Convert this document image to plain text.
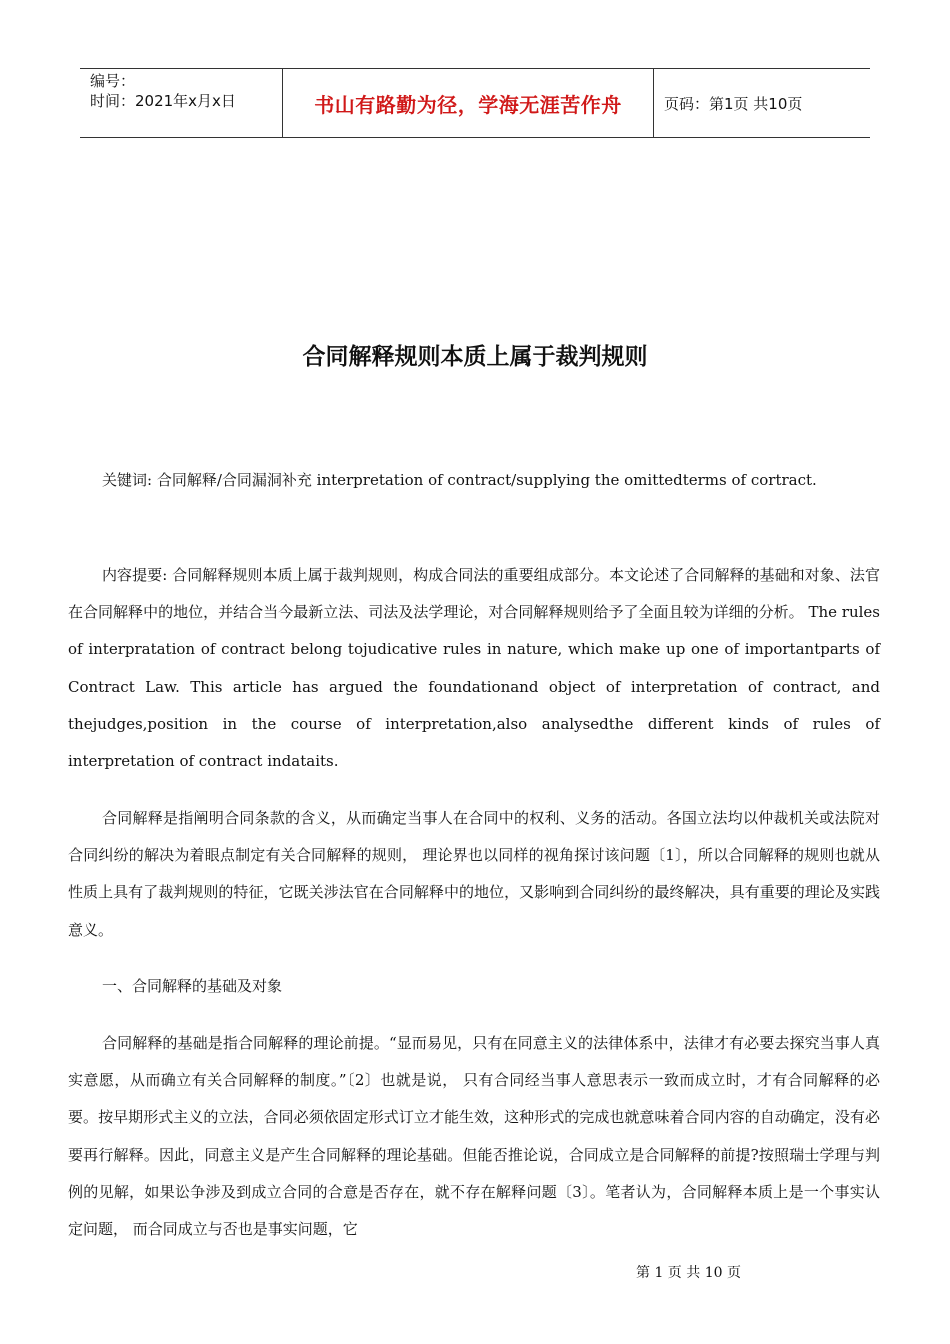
编号：
时间：2021年x月x日	书山有路勤为径，学海无涯苦作舟	页码：第1页 共10页
合同解释规则本质上属于裁判规则

关键词: 合同解释/合同漏洞补充 interpretation of contract/supplying the omittedterms of cortract.

内容提要: 合同解释规则本质上属于裁判规则，构成合同法的重要组成部分。本文论述了合同解释的基础和对象、法官在合同解释中的地位，并结合当今最新立法、司法及法学理论，对合同解释规则给予了全面且较为详细的分析。 The rules of interpratation of contract belong tojudicative rules in nature, which make up one of importantparts of Contract Law. This article has argued the foundationand object of interpretation of contract, and thejudges,position in the course of interpretation,also analysedthe different kinds of rules of interpretation of contract indataits.

合同解释是指阐明合同条款的含义，从而确定当事人在合同中的权利、义务的活动。各国立法均以仲裁机关或法院对合同纠纷的解决为着眼点制定有关合同解释的规则， 理论界也以同样的视角探讨该问题〔1〕，所以合同解释的规则也就从性质上具有了裁判规则的特征，它既关涉法官在合同解释中的地位，又影响到合同纠纷的最终解决，具有重要的理论及实践意义。

一、合同解释的基础及对象

合同解释的基础是指合同解释的理论前提。“显而易见，只有在同意主义的法律体系中，法律才有必要去探究当事人真实意愿，从而确立有关合同解释的制度。”〔2〕也就是说， 只有合同经当事人意思表示一致而成立时，才有合同解释的必要。按早期形式主义的立法，合同必须依固定形式订立才能生效，这种形式的完成也就意味着合同内容的自动确定，没有必要再行解释。因此，同意主义是产生合同解释的理论基础。但能否推论说，合同成立是合同解释的前提?按照瑞士学理与判例的见解，如果讼争涉及到成立合同的合意是否存在，就不存在解释问题〔3〕。笔者认为，合同解释本质上是一个事实认定问题， 而合同成立与否也是事实问题，它

第 1 页 共 10 页
